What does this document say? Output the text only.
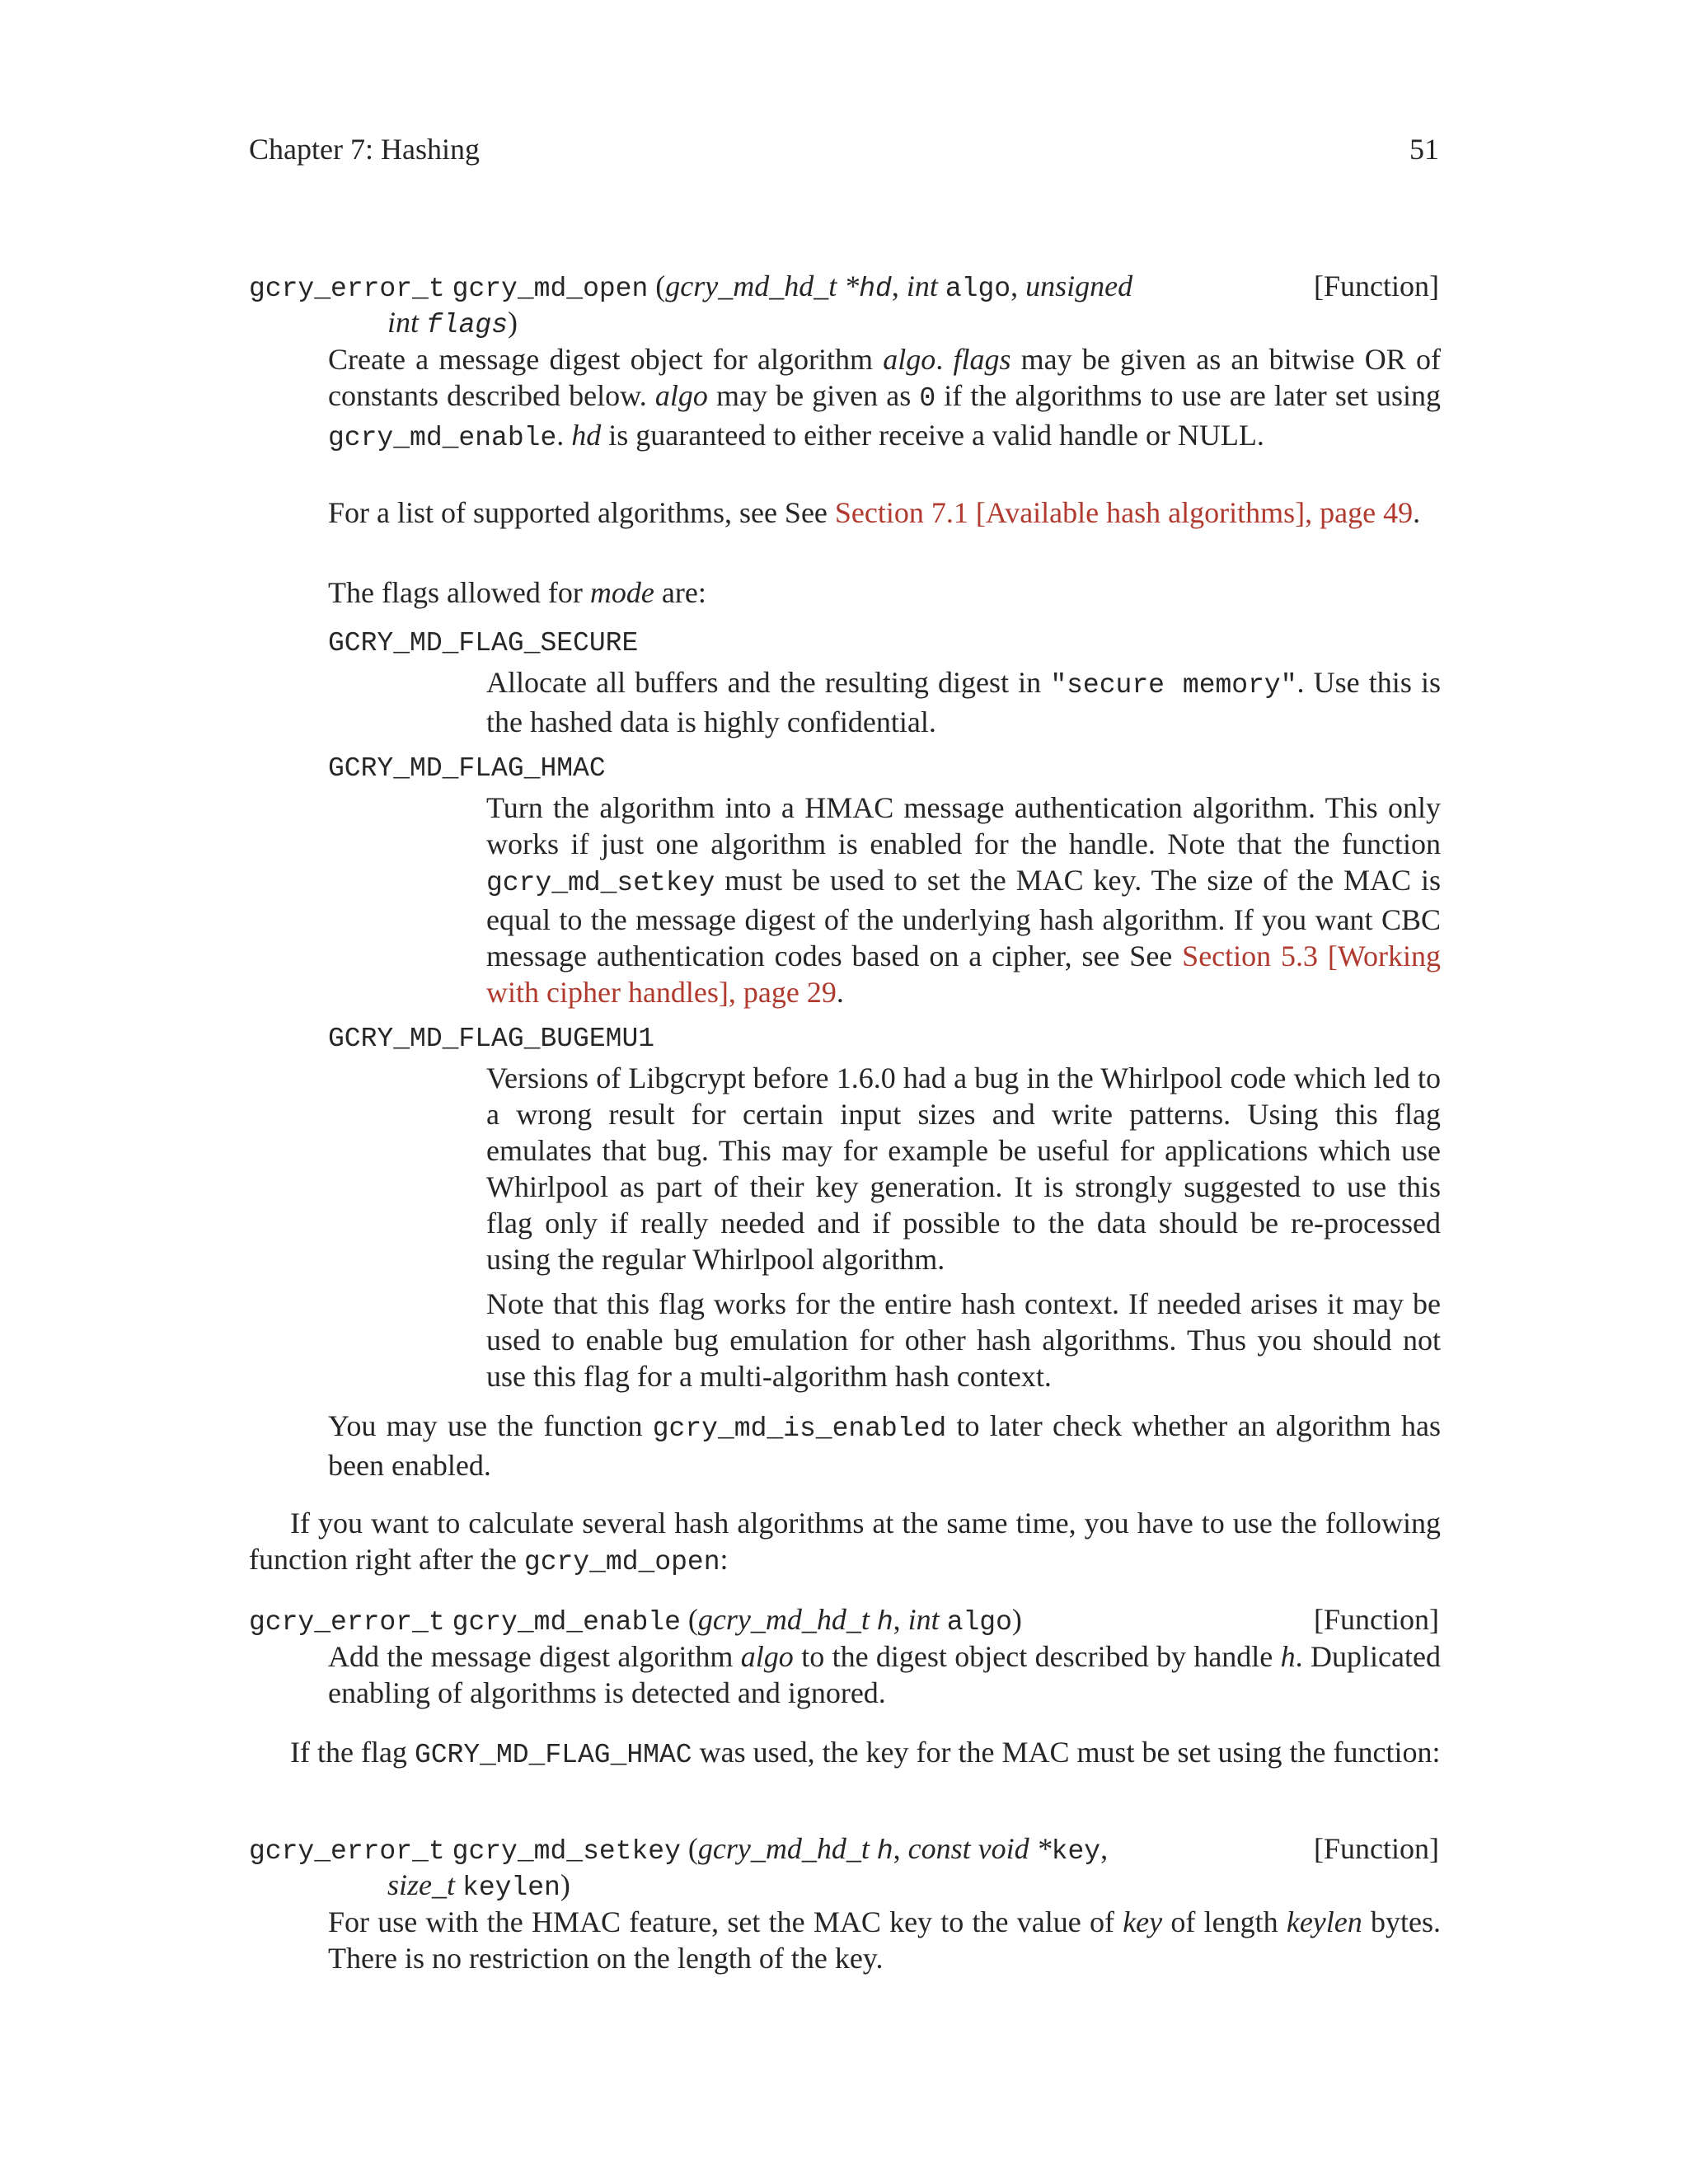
Chapter 7: Hashing	51
gcry_error_t gcry_md_open (gcry_md_hd_t *hd, int algo, unsigned	[Function]
int flags)

Create a message digest object for algorithm algo. flags may be given as an bitwise OR of constants described below. algo may be given as 0 if the algorithms to use are later set using gcry_md_enable. hd is guaranteed to either receive a valid handle or NULL.

For a list of supported algorithms, see See Section 7.1 [Available hash algorithms], page 49.

The flags allowed for mode are:

GCRY_MD_FLAG_SECURE

Allocate all buffers and the resulting digest in "secure memory". Use this is the hashed data is highly confidential.

GCRY_MD_FLAG_HMAC

Turn the algorithm into a HMAC message authentication algorithm. This only works if just one algorithm is enabled for the handle. Note that the function gcry_md_setkey must be used to set the MAC key. The size of the MAC is equal to the message digest of the underlying hash algorithm. If you want CBC message authentication codes based on a cipher, see See Section 5.3 [Working with cipher handles], page 29.

GCRY_MD_FLAG_BUGEMU1

Versions of Libgcrypt before 1.6.0 had a bug in the Whirlpool code which led to a wrong result for certain input sizes and write patterns. Using this flag emulates that bug. This may for example be useful for applications which use Whirlpool as part of their key generation. It is strongly suggested to use this flag only if really needed and if possible to the data should be re-processed using the regular Whirlpool algorithm.

Note that this flag works for the entire hash context. If needed arises it may be used to enable bug emulation for other hash algorithms. Thus you should not use this flag for a multi-algorithm hash context.

You may use the function gcry_md_is_enabled to later check whether an algorithm has been enabled.

If you want to calculate several hash algorithms at the same time, you have to use the following function right after the gcry_md_open:

gcry_error_t gcry_md_enable (gcry_md_hd_t h, int algo)	[Function]

Add the message digest algorithm algo to the digest object described by handle h. Duplicated enabling of algorithms is detected and ignored.

If the flag GCRY_MD_FLAG_HMAC was used, the key for the MAC must be set using the function:

gcry_error_t gcry_md_setkey (gcry_md_hd_t h, const void *key,	[Function]
size_t keylen)

For use with the HMAC feature, set the MAC key to the value of key of length keylen bytes. There is no restriction on the length of the key.
